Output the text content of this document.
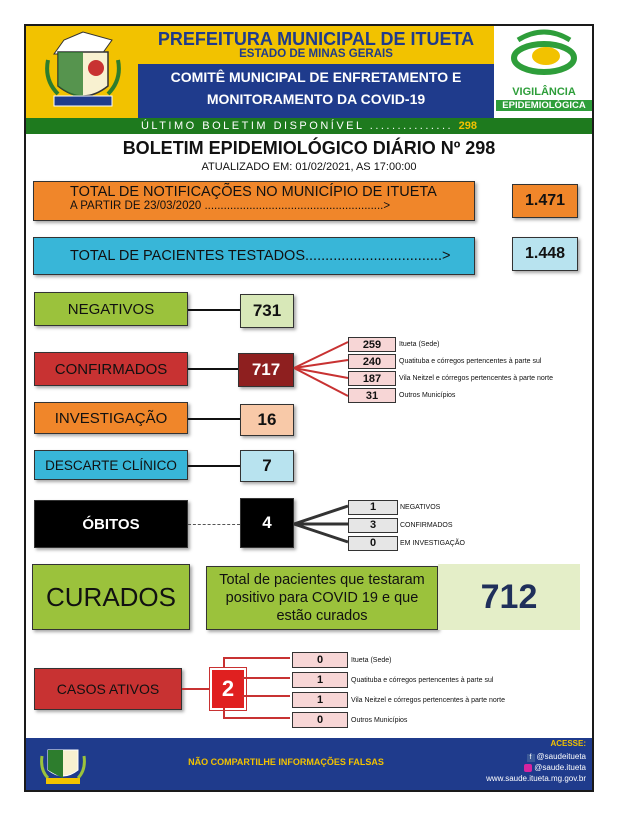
VIGILÂNCIA
EPIDEMIOLÓGICA
PREFEITURA MUNICIPAL DE ITUETA
ESTADO DE MINAS GERAIS
COMITÊ MUNICIPAL DE ENFRETAMENTO E
MONITORAMENTO DA COVID-19
ÚLTIMO BOLETIM DISPONÍVEL ............... 298
BOLETIM EPIDEMIOLÓGICO DIÁRIO Nº 298
ATUALIZADO EM: 01/02/2021, AS 17:00:00
TOTAL DE NOTIFICAÇÕES NO MUNICÍPIO DE ITUETA
A PARTIR DE 23/03/2020 ........................................................>	1.471
TOTAL DE PACIENTES TESTADOS..................................>	1.448
NEGATIVOS	731
CONFIRMADOS	717
259	Itueta (Sede)
240	Quatituba e córregos pertencentes à parte sul
187	Vila Neitzel e córregos pertencentes à parte norte
31	Outros Municípios
INVESTIGAÇÃO	16
DESCARTE CLÍNICO	7
ÓBITOS	4
1	NEGATIVOS
3	CONFIRMADOS
0	EM INVESTIGAÇÃO
CURADOS
Total de pacientes que testaram positivo para COVID 19 e que estão curados
712
CASOS ATIVOS	2
0	Itueta (Sede)
1	Quatituba e córregos pertencentes à parte sul
1	Vila Neitzel e córregos pertencentes à parte norte
0	Outros Municípios
NÃO COMPARTILHE INFORMAÇÕES FALSAS
ACESSE:
f @saudeitueta
@saude.itueta
www.saude.itueta.mg.gov.br
